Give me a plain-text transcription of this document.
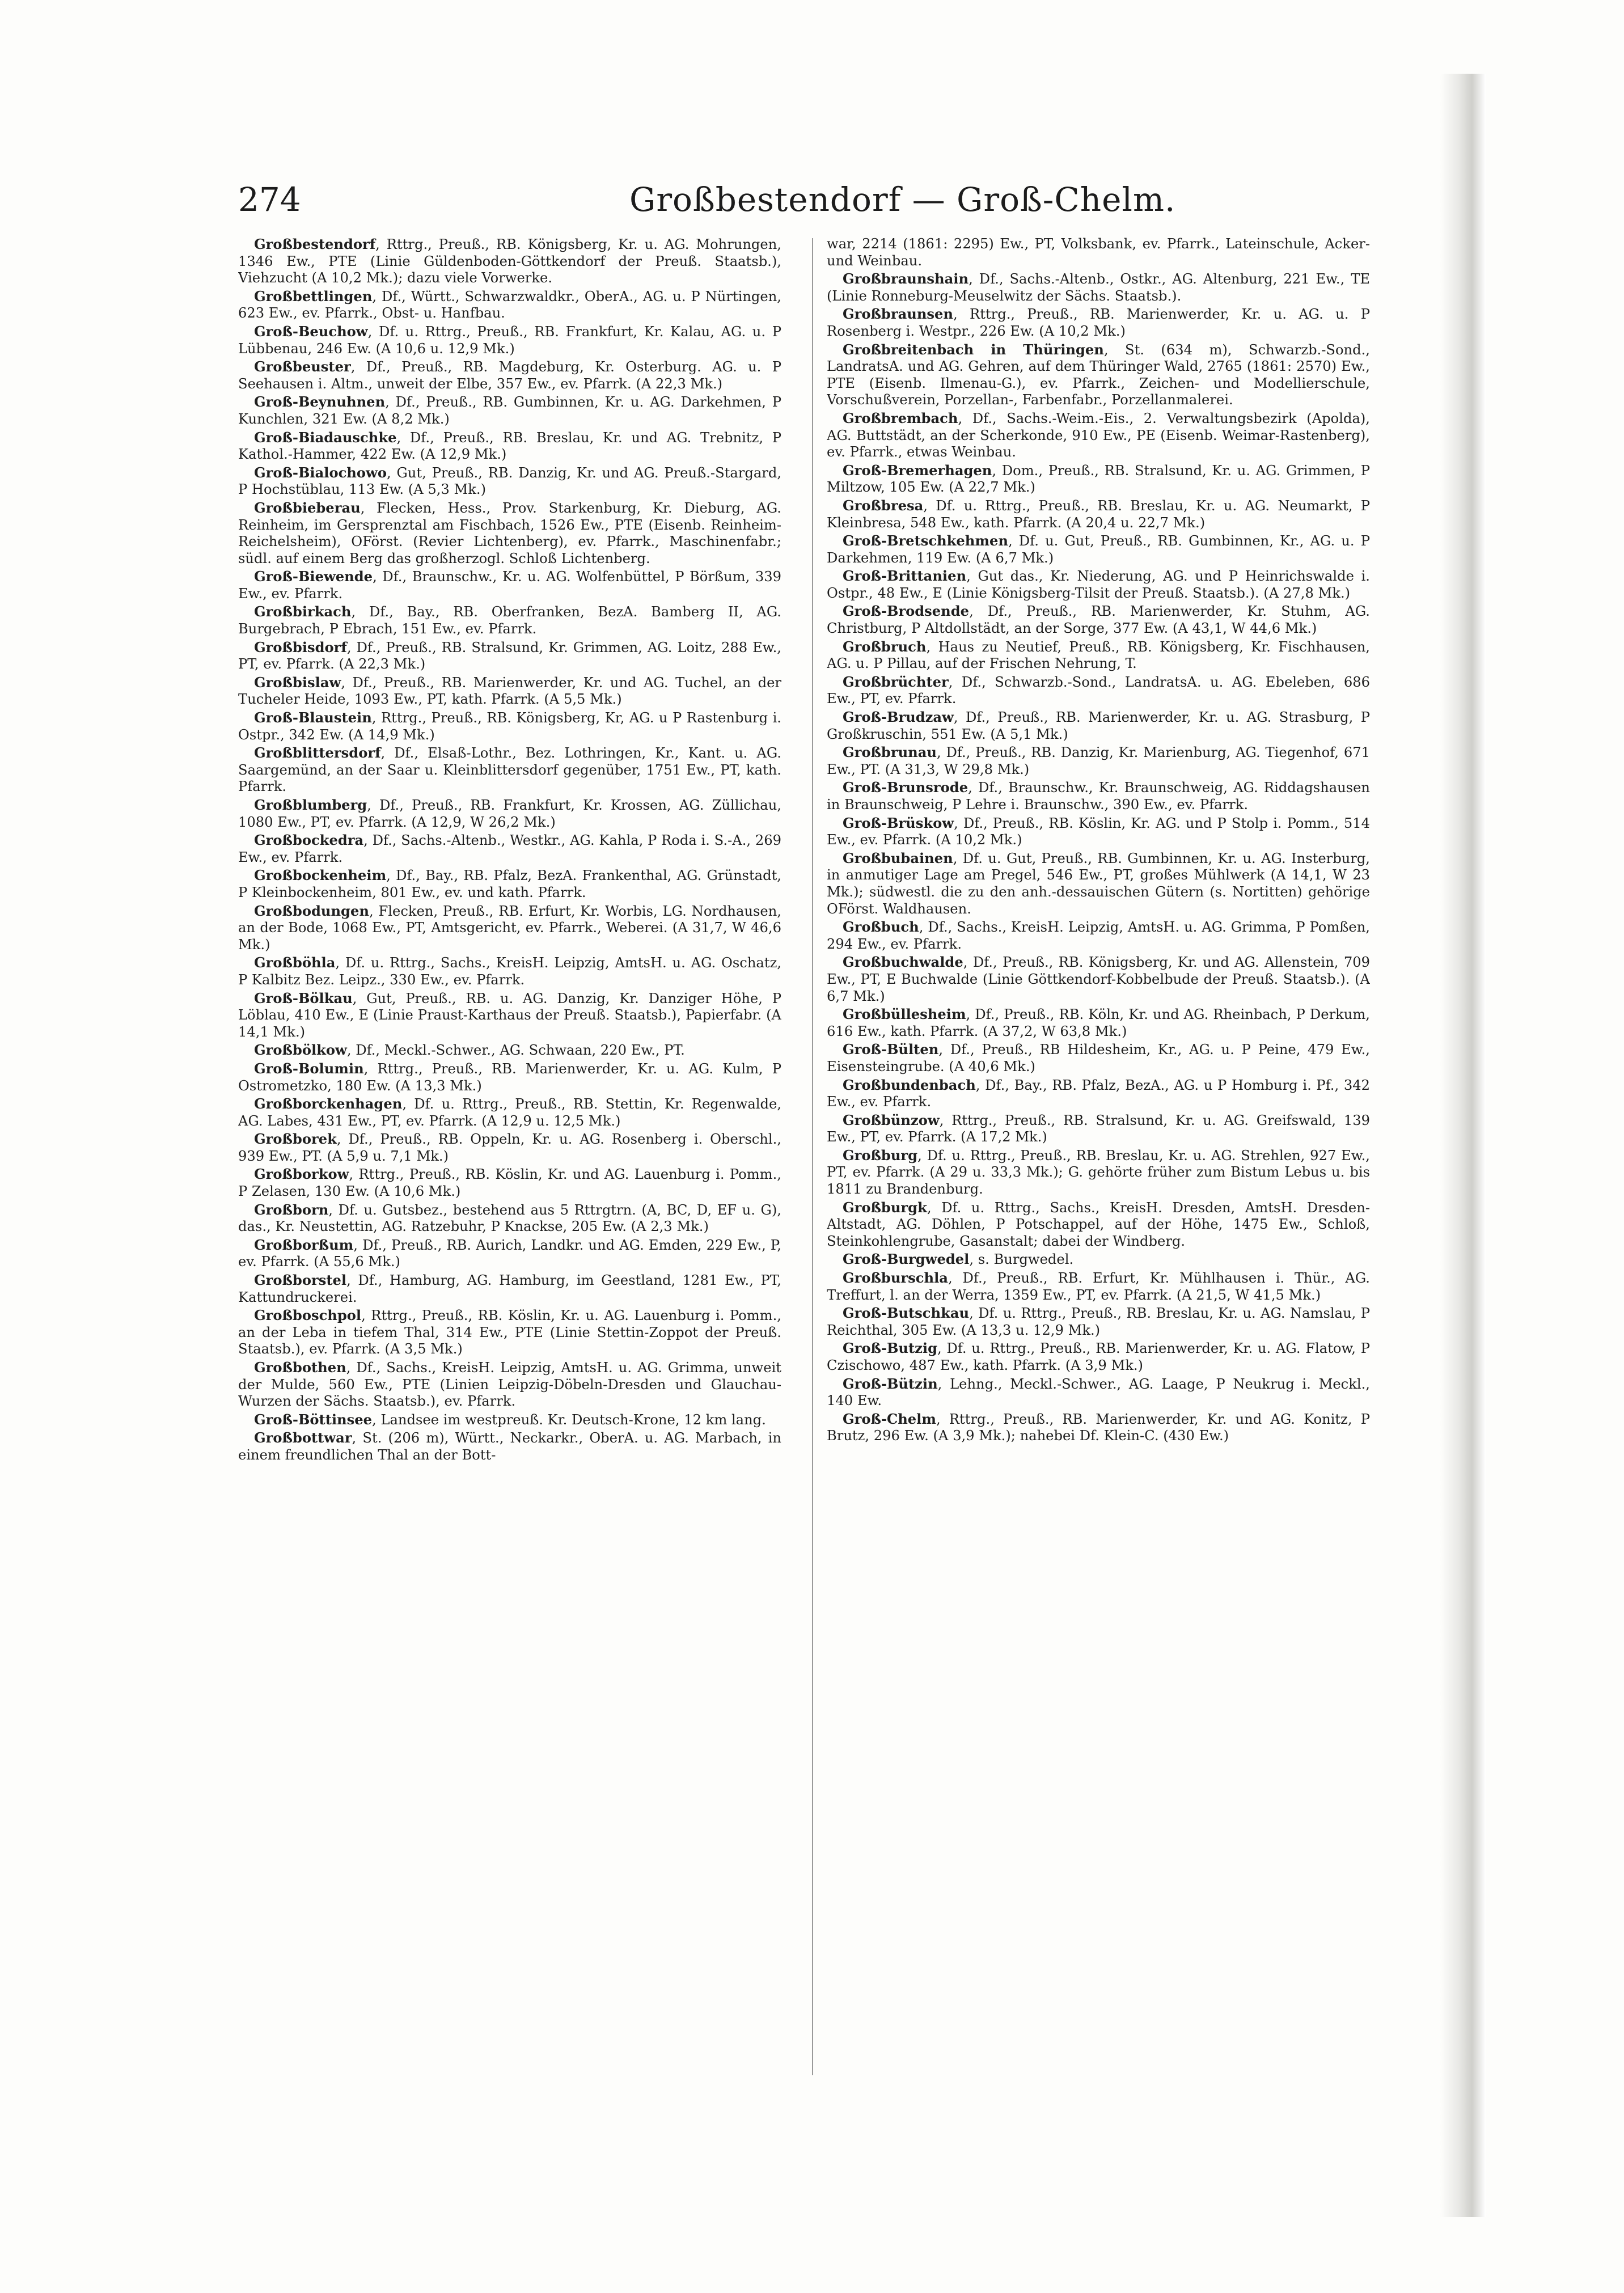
274	Großbestendorf — Groß-Chelm.

Großbestendorf, Rttrg., Preuß., RB. Königsberg, Kr. u. AG. Mohrungen, 1346 Ew., PTE (Linie Güldenboden-Göttkendorf der Preuß. Staatsb.), Viehzucht (A 10,2 Mk.); dazu viele Vorwerke.

Großbettlingen, Df., Württ., Schwarzwaldkr., OberA., AG. u. P Nürtingen, 623 Ew., ev. Pfarrk., Obst- u. Hanfbau.

Groß-Beuchow, Df. u. Rttrg., Preuß., RB. Frankfurt, Kr. Kalau, AG. u. P Lübbenau, 246 Ew. (A 10,6 u. 12,9 Mk.)

Großbeuster, Df., Preuß., RB. Magdeburg, Kr. Osterburg. AG. u. P Seehausen i. Altm., unweit der Elbe, 357 Ew., ev. Pfarrk. (A 22,3 Mk.)

Groß-Beynuhnen, Df., Preuß., RB. Gumbinnen, Kr. u. AG. Darkehmen, P Kunchlen, 321 Ew. (A 8,2 Mk.)

Groß-Biadauschke, Df., Preuß., RB. Breslau, Kr. und AG. Trebnitz, P Kathol.-Hammer, 422 Ew. (A 12,9 Mk.)

Groß-Bialochowo, Gut, Preuß., RB. Danzig, Kr. und AG. Preuß.-Stargard, P Hochstüblau, 113 Ew. (A 5,3 Mk.)

Großbieberau, Flecken, Hess., Prov. Starkenburg, Kr. Dieburg, AG. Reinheim, im Gersprenztal am Fischbach, 1526 Ew., PTE (Eisenb. Reinheim-Reichelsheim), OFörst. (Revier Lichtenberg), ev. Pfarrk., Maschinenfabr.; südl. auf einem Berg das großherzogl. Schloß Lichtenberg.

Groß-Biewende, Df., Braunschw., Kr. u. AG. Wolfenbüttel, P Börßum, 339 Ew., ev. Pfarrk.

Großbirkach, Df., Bay., RB. Oberfranken, BezA. Bamberg II, AG. Burgebrach, P Ebrach, 151 Ew., ev. Pfarrk.

Großbisdorf, Df., Preuß., RB. Stralsund, Kr. Grimmen, AG. Loitz, 288 Ew., PT, ev. Pfarrk. (A 22,3 Mk.)

Großbislaw, Df., Preuß., RB. Marienwerder, Kr. und AG. Tuchel, an der Tucheler Heide, 1093 Ew., PT, kath. Pfarrk. (A 5,5 Mk.)

Groß-Blaustein, Rttrg., Preuß., RB. Königsberg, Kr, AG. u P Rastenburg i. Ostpr., 342 Ew. (A 14,9 Mk.)

Großblittersdorf, Df., Elsaß-Lothr., Bez. Lothringen, Kr., Kant. u. AG. Saargemünd, an der Saar u. Kleinblittersdorf gegenüber, 1751 Ew., PT, kath. Pfarrk.

Großblumberg, Df., Preuß., RB. Frankfurt, Kr. Krossen, AG. Züllichau, 1080 Ew., PT, ev. Pfarrk. (A 12,9, W 26,2 Mk.)

Großbockedra, Df., Sachs.-Altenb., Westkr., AG. Kahla, P Roda i. S.-A., 269 Ew., ev. Pfarrk.

Großbockenheim, Df., Bay., RB. Pfalz, BezA. Frankenthal, AG. Grünstadt, P Kleinbockenheim, 801 Ew., ev. und kath. Pfarrk.

Großbodungen, Flecken, Preuß., RB. Erfurt, Kr. Worbis, LG. Nordhausen, an der Bode, 1068 Ew., PT, Amtsgericht, ev. Pfarrk., Weberei. (A 31,7, W 46,6 Mk.)

Großböhla, Df. u. Rttrg., Sachs., KreisH. Leipzig, AmtsH. u. AG. Oschatz, P Kalbitz Bez. Leipz., 330 Ew., ev. Pfarrk.

Groß-Bölkau, Gut, Preuß., RB. u. AG. Danzig, Kr. Danziger Höhe, P Löblau, 410 Ew., E (Linie Praust-Karthaus der Preuß. Staatsb.), Papierfabr. (A 14,1 Mk.)

Großbölkow, Df., Meckl.-Schwer., AG. Schwaan, 220 Ew., PT.

Groß-Bolumin, Rttrg., Preuß., RB. Marienwerder, Kr. u. AG. Kulm, P Ostrometzko, 180 Ew. (A 13,3 Mk.)

Großborckenhagen, Df. u. Rttrg., Preuß., RB. Stettin, Kr. Regenwalde, AG. Labes, 431 Ew., PT, ev. Pfarrk. (A 12,9 u. 12,5 Mk.)

Großborek, Df., Preuß., RB. Oppeln, Kr. u. AG. Rosenberg i. Oberschl., 939 Ew., PT. (A 5,9 u. 7,1 Mk.)

Großborkow, Rttrg., Preuß., RB. Köslin, Kr. und AG. Lauenburg i. Pomm., P Zelasen, 130 Ew. (A 10,6 Mk.)

Großborn, Df. u. Gutsbez., bestehend aus 5 Rttrgtrn. (A, BC, D, EF u. G), das., Kr. Neustettin, AG. Ratzebuhr, P Knackse, 205 Ew. (A 2,3 Mk.)

Großborßum, Df., Preuß., RB. Aurich, Landkr. und AG. Emden, 229 Ew., P, ev. Pfarrk. (A 55,6 Mk.)

Großborstel, Df., Hamburg, AG. Hamburg, im Geestland, 1281 Ew., PT, Kattundruckerei.

Großboschpol, Rttrg., Preuß., RB. Köslin, Kr. u. AG. Lauenburg i. Pomm., an der Leba in tiefem Thal, 314 Ew., PTE (Linie Stettin-Zoppot der Preuß. Staatsb.), ev. Pfarrk. (A 3,5 Mk.)

Großbothen, Df., Sachs., KreisH. Leipzig, AmtsH. u. AG. Grimma, unweit der Mulde, 560 Ew., PTE (Linien Leipzig-Döbeln-Dresden und Glauchau-Wurzen der Sächs. Staatsb.), ev. Pfarrk.

Groß-Böttinsee, Landsee im westpreuß. Kr. Deutsch-Krone, 12 km lang.

Großbottwar, St. (206 m), Württ., Neckarkr., OberA. u. AG. Marbach, in einem freundlichen Thal an der Bott-

war, 2214 (1861: 2295) Ew., PT, Volksbank, ev. Pfarrk., Lateinschule, Acker- und Weinbau.

Großbraunshain, Df., Sachs.-Altenb., Ostkr., AG. Altenburg, 221 Ew., TE (Linie Ronneburg-Meuselwitz der Sächs. Staatsb.).

Großbraunsen, Rttrg., Preuß., RB. Marienwerder, Kr. u. AG. u. P Rosenberg i. Westpr., 226 Ew. (A 10,2 Mk.)

Großbreitenbach in Thüringen, St. (634 m), Schwarzb.-Sond., LandratsA. und AG. Gehren, auf dem Thüringer Wald, 2765 (1861: 2570) Ew., PTE (Eisenb. Ilmenau-G.), ev. Pfarrk., Zeichen- und Modellierschule, Vorschußverein, Porzellan-, Farbenfabr., Porzellanmalerei.

Großbrembach, Df., Sachs.-Weim.-Eis., 2. Verwaltungsbezirk (Apolda), AG. Buttstädt, an der Scherkonde, 910 Ew., PE (Eisenb. Weimar-Rastenberg), ev. Pfarrk., etwas Weinbau.

Groß-Bremerhagen, Dom., Preuß., RB. Stralsund, Kr. u. AG. Grimmen, P Miltzow, 105 Ew. (A 22,7 Mk.)

Großbresa, Df. u. Rttrg., Preuß., RB. Breslau, Kr. u. AG. Neumarkt, P Kleinbresa, 548 Ew., kath. Pfarrk. (A 20,4 u. 22,7 Mk.)

Groß-Bretschkehmen, Df. u. Gut, Preuß., RB. Gumbinnen, Kr., AG. u. P Darkehmen, 119 Ew. (A 6,7 Mk.)

Groß-Brittanien, Gut das., Kr. Niederung, AG. und P Heinrichswalde i. Ostpr., 48 Ew., E (Linie Königsberg-Tilsit der Preuß. Staatsb.). (A 27,8 Mk.)

Groß-Brodsende, Df., Preuß., RB. Marienwerder, Kr. Stuhm, AG. Christburg, P Altdollstädt, an der Sorge, 377 Ew. (A 43,1, W 44,6 Mk.)

Großbruch, Haus zu Neutief, Preuß., RB. Königsberg, Kr. Fischhausen, AG. u. P Pillau, auf der Frischen Nehrung, T.

Großbrüchter, Df., Schwarzb.-Sond., LandratsA. u. AG. Ebeleben, 686 Ew., PT, ev. Pfarrk.

Groß-Brudzaw, Df., Preuß., RB. Marienwerder, Kr. u. AG. Strasburg, P Großkruschin, 551 Ew. (A 5,1 Mk.)

Großbrunau, Df., Preuß., RB. Danzig, Kr. Marienburg, AG. Tiegenhof, 671 Ew., PT. (A 31,3, W 29,8 Mk.)

Groß-Brunsrode, Df., Braunschw., Kr. Braunschweig, AG. Riddagshausen in Braunschweig, P Lehre i. Braunschw., 390 Ew., ev. Pfarrk.

Groß-Brüskow, Df., Preuß., RB. Köslin, Kr. AG. und P Stolp i. Pomm., 514 Ew., ev. Pfarrk. (A 10,2 Mk.)

Großbubainen, Df. u. Gut, Preuß., RB. Gumbinnen, Kr. u. AG. Insterburg, in anmutiger Lage am Pregel, 546 Ew., PT, großes Mühlwerk (A 14,1, W 23 Mk.); südwestl. die zu den anh.-dessauischen Gütern (s. Nortitten) gehörige OFörst. Waldhausen.

Großbuch, Df., Sachs., KreisH. Leipzig, AmtsH. u. AG. Grimma, P Pomßen, 294 Ew., ev. Pfarrk.

Großbuchwalde, Df., Preuß., RB. Königsberg, Kr. und AG. Allenstein, 709 Ew., PT, E Buchwalde (Linie Göttkendorf-Kobbelbude der Preuß. Staatsb.). (A 6,7 Mk.)

Großbüllesheim, Df., Preuß., RB. Köln, Kr. und AG. Rheinbach, P Derkum, 616 Ew., kath. Pfarrk. (A 37,2, W 63,8 Mk.)

Groß-Bülten, Df., Preuß., RB Hildesheim, Kr., AG. u. P Peine, 479 Ew., Eisensteingrube. (A 40,6 Mk.)

Großbundenbach, Df., Bay., RB. Pfalz, BezA., AG. u P Homburg i. Pf., 342 Ew., ev. Pfarrk.

Großbünzow, Rttrg., Preuß., RB. Stralsund, Kr. u. AG. Greifswald, 139 Ew., PT, ev. Pfarrk. (A 17,2 Mk.)

Großburg, Df. u. Rttrg., Preuß., RB. Breslau, Kr. u. AG. Strehlen, 927 Ew., PT, ev. Pfarrk. (A 29 u. 33,3 Mk.); G. gehörte früher zum Bistum Lebus u. bis 1811 zu Brandenburg.

Großburgk, Df. u. Rttrg., Sachs., KreisH. Dresden, AmtsH. Dresden-Altstadt, AG. Döhlen, P Potschappel, auf der Höhe, 1475 Ew., Schloß, Steinkohlengrube, Gasanstalt; dabei der Windberg.

Groß-Burgwedel, s. Burgwedel.

Großburschla, Df., Preuß., RB. Erfurt, Kr. Mühlhausen i. Thür., AG. Treffurt, l. an der Werra, 1359 Ew., PT, ev. Pfarrk. (A 21,5, W 41,5 Mk.)

Groß-Butschkau, Df. u. Rttrg., Preuß., RB. Breslau, Kr. u. AG. Namslau, P Reichthal, 305 Ew. (A 13,3 u. 12,9 Mk.)

Groß-Butzig, Df. u. Rttrg., Preuß., RB. Marienwerder, Kr. u. AG. Flatow, P Czischowo, 487 Ew., kath. Pfarrk. (A 3,9 Mk.)

Groß-Bützin, Lehng., Meckl.-Schwer., AG. Laage, P Neukrug i. Meckl., 140 Ew.

Groß-Chelm, Rttrg., Preuß., RB. Marienwerder, Kr. und AG. Konitz, P Brutz, 296 Ew. (A 3,9 Mk.); nahebei Df. Klein-C. (430 Ew.)
